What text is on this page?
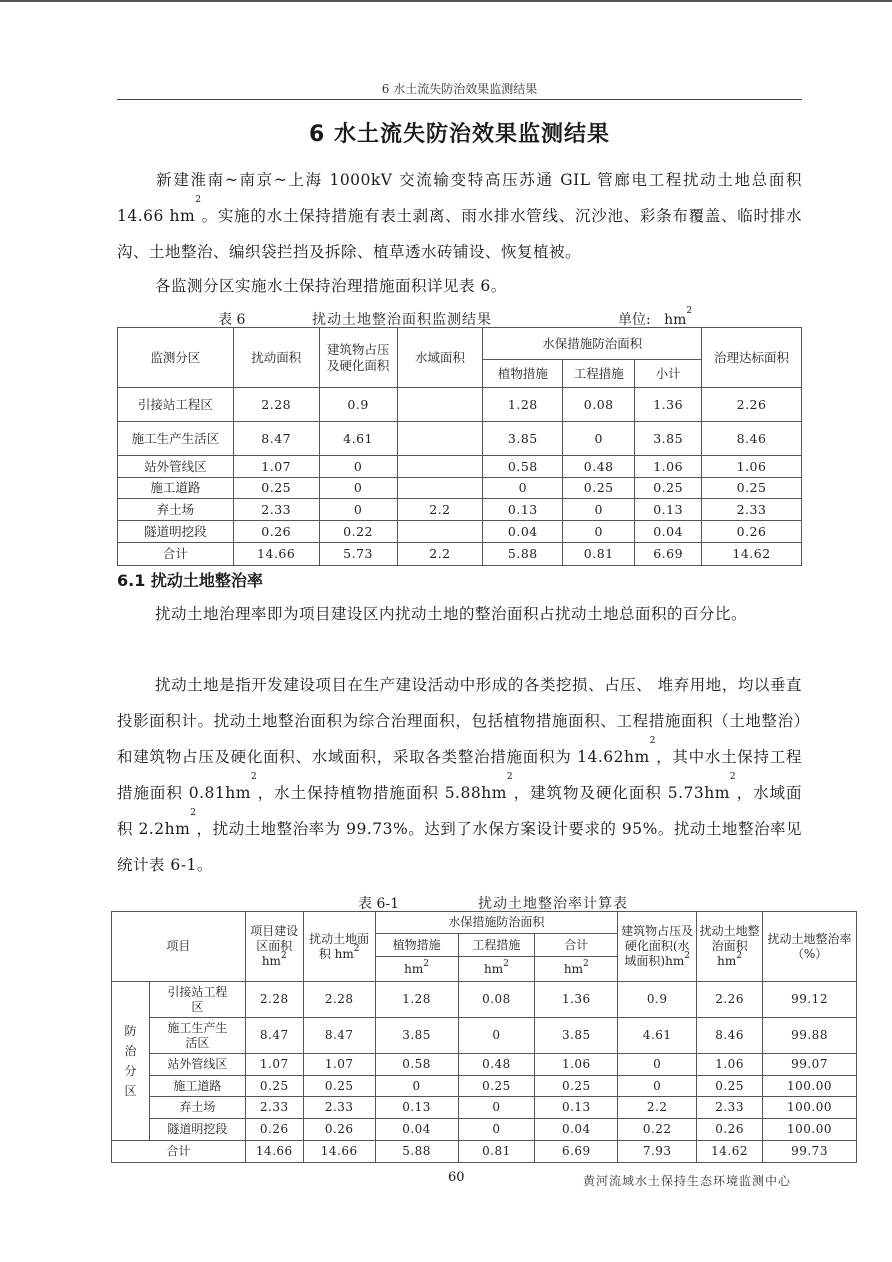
6 水土流失防治效果监测结果
6 水土流失防治效果监测结果
新建淮南~南京~上海 1000kV 交流输变特高压苏通 GIL 管廊电工程扰动土地总面积 14.66 $hm^2$。实施的水土保持措施有表土剥离、雨水排水管线、沉沙池、彩条布覆盖、临时排水沟、土地整治、编织袋拦挡及拆除、植草透水砖铺设、恢复植被。
各监测分区实施水土保持治理措施面积详见表 6。
表 6	扰动土地整治面积监测结果	单位: $hm^2$
监测分区	扰动面积	建筑物占压及硬化面积	水域面积	水保措施防治面积			治理达标面积
				植物措施	工程措施	小计	
引接站工程区	2.28	0.9		1.28	0.08	1.36	2.26
施工生产生活区	8.47	4.61		3.85	0	3.85	8.46
站外管线区	1.07	0		0.58	0.48	1.06	1.06
施工道路	0.25	0		0	0.25	0.25	0.25
弃土场	2.33	0	2.2	0.13	0	0.13	2.33
隧道明挖段	0.26	0.22		0.04	0	0.04	0.26
合计	14.66	5.73	2.2	5.88	0.81	6.69	14.62
6.1 扰动土地整治率
扰动土地治理率即为项目建设区内扰动土地的整治面积占扰动土地总面积的百分比。
扰动土地是指开发建设项目在生产建设活动中形成的各类挖损、占压、 堆弃用地，均以垂直投影面积计。扰动土地整治面积为综合治理面积，包括植物措施面积、工程措施面积（土地整治）和建筑物占压及硬化面积、水域面积，采取各类整治措施面积为 $14.62hm^2$，其中水土保持工程措施面积 $0.81hm^2$，水土保持植物措施面积 $5.88hm^2$，建筑物及硬化面积 $5.73hm^2$，水域面积 $2.2hm^2$，扰动土地整治率为 99.73%。达到了水保方案设计要求的 95%。扰动土地整治率见统计表 6-1。
表 6-1	扰动土地整治率计算表
项目		项目建设区面积 $hm^2$	扰动土地面积 $hm^2$	水保措施防治面积			建筑物占压及硬化面积(水域面积)$hm^2$	扰动土地整治面积 $hm^2$	扰动土地整治率（%）
				植物措施	工程措施	合计			
				$hm^2$	$hm^2$	$hm^2$

防治分区	引接站工程区	2.28	2.28	1.28	0.08	1.36	0.9	2.26	99.12
	施工生产生活区	8.47	8.47	3.85	0	3.85	4.61	8.46	99.88
	站外管线区	1.07	1.07	0.58	0.48	1.06	0	1.06	99.07
	施工道路	0.25	0.25	0	0.25	0.25	0	0.25	100.00
	弃土场	2.33	2.33	0.13	0	0.13	2.2	2.33	100.00
	隧道明挖段	0.26	0.26	0.04	0	0.04	0.22	0.26	100.00
合计		14.66	14.66	5.88	0.81	6.69	7.93	14.62	99.73
60	黄河流域水土保持生态环境监测中心
